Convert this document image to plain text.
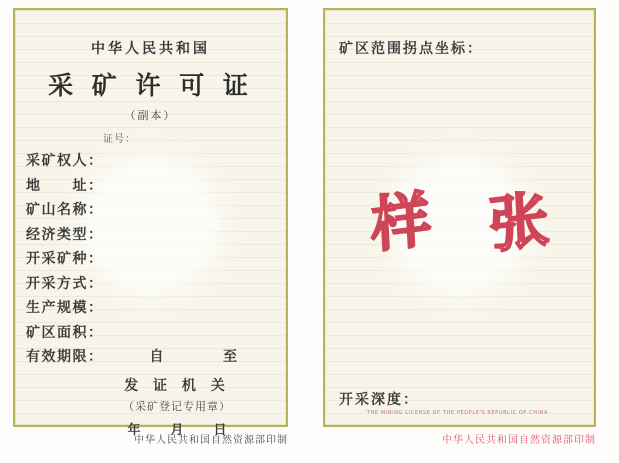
中华人民共和国
采 矿 许 可 证
（副本）
证号：
采矿权人：
地　　址：
矿山名称：
经济类型：
开采矿种：
开采方式：
生产规模：
矿区面积：
有效期限：	自	至
发 证 机 关
（采矿登记专用章）
年 月 日
矿区范围拐点坐标：
样 张
开采深度：
THE MINING LICENSE OF THE PEOPLE'S REPUBLIC OF CHINA
中华人民共和国自然资源部印制	中华人民共和国自然资源部印制
